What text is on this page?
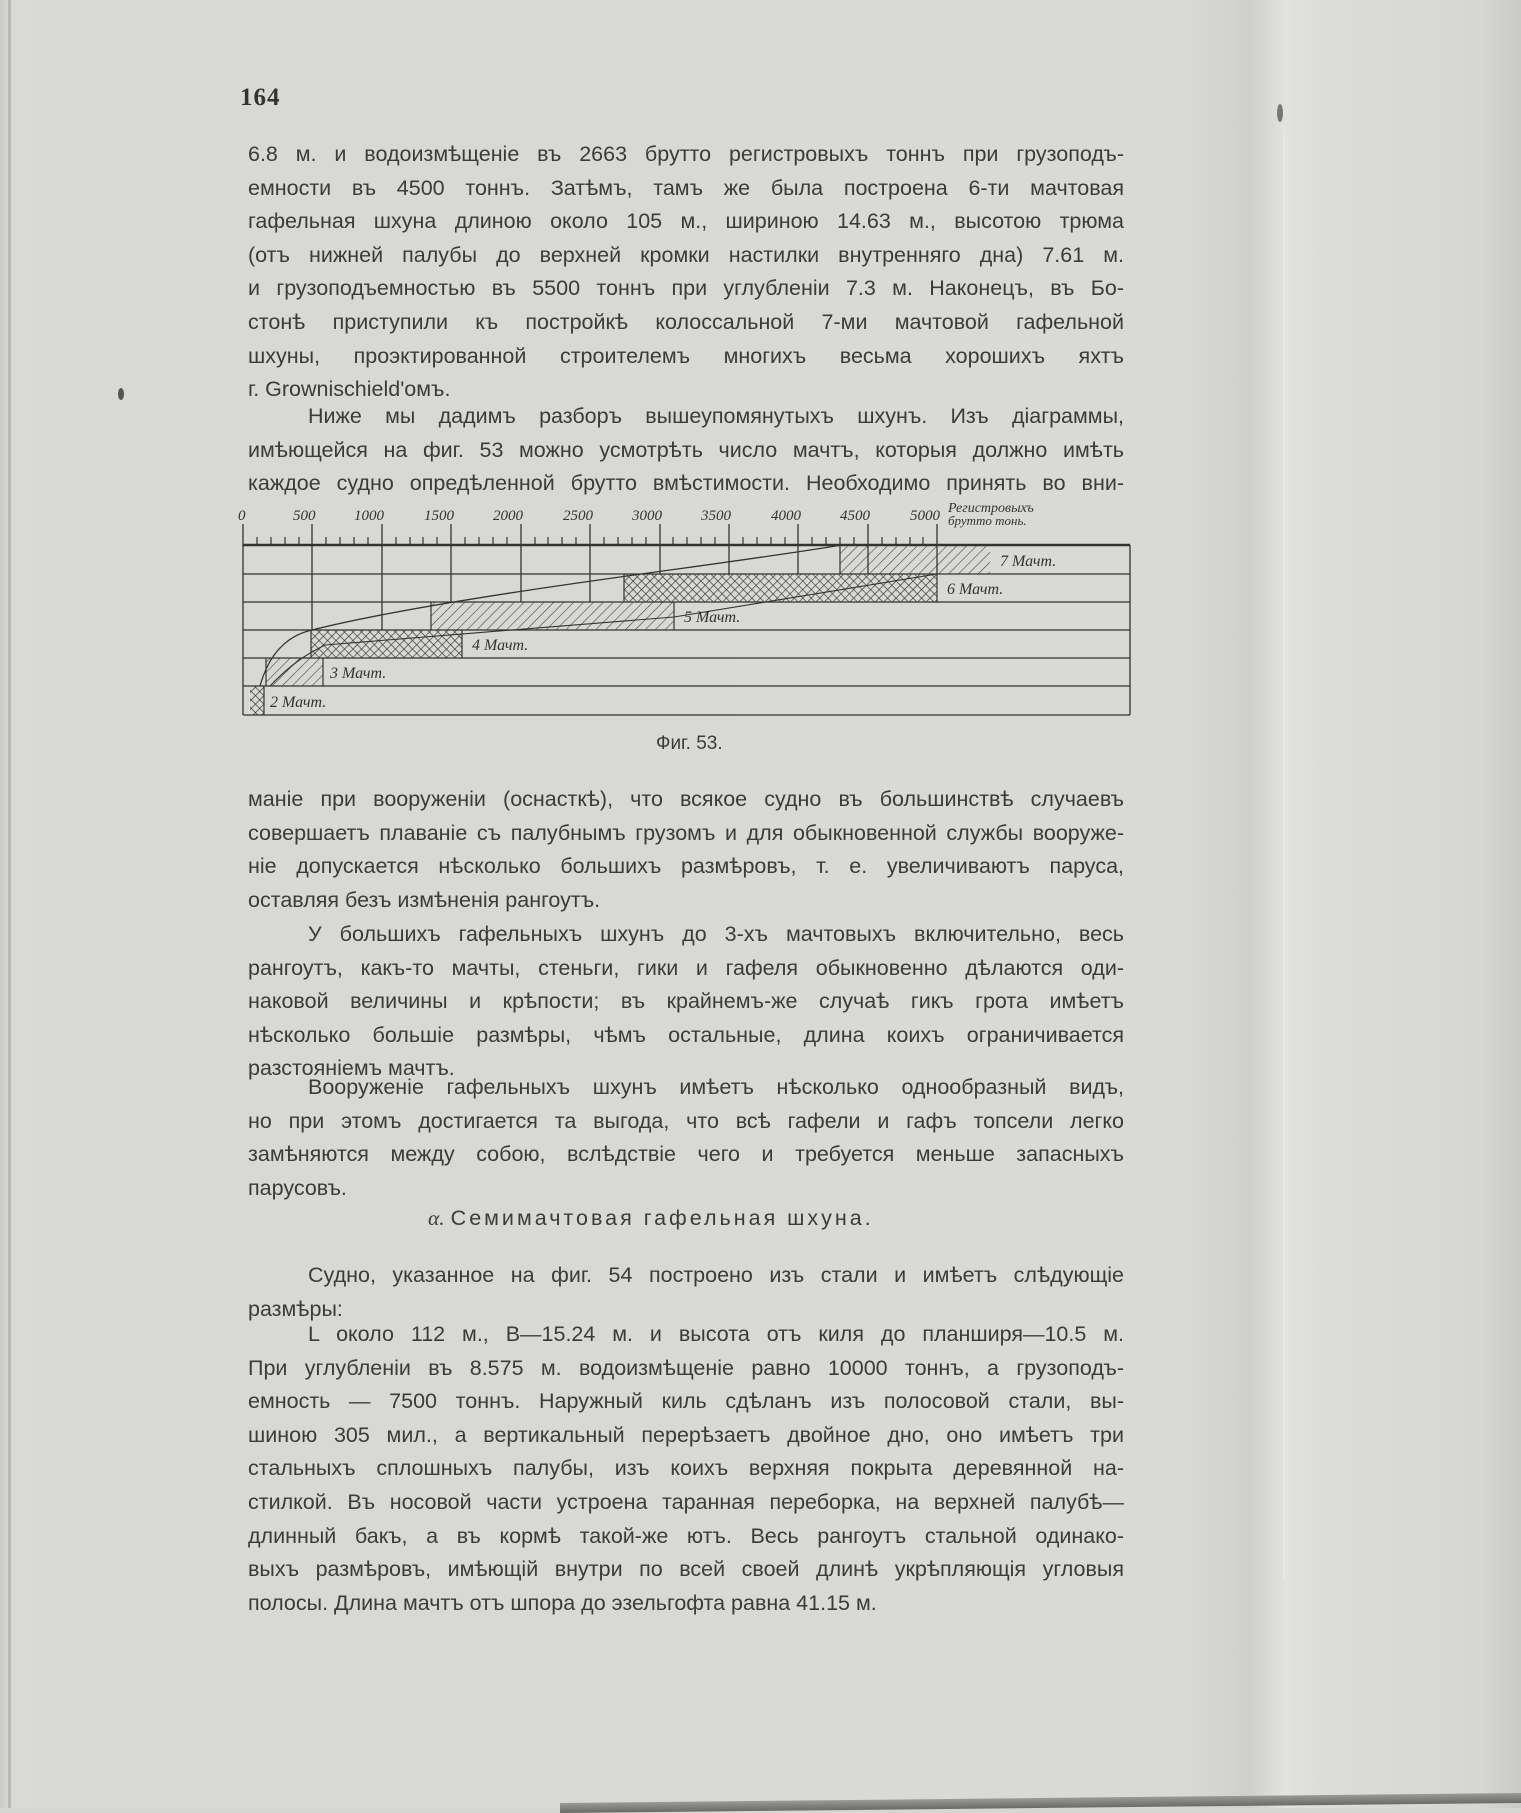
164
6.8 м. и водоизмѣщеніе въ 2663 брутто регистровыхъ тоннъ при грузоподъ-
емности въ 4500 тоннъ. Затѣмъ, тамъ же была построена 6-ти мачтовая
гафельная шхуна длиною около 105 м., шириною 14.63 м., высотою трюма
(отъ нижней палубы до верхней кромки настилки внутренняго дна) 7.61 м.
и грузоподъемностью въ 5500 тоннъ при углубленіи 7.3 м. Наконецъ, въ Бо-
стонѣ приступили къ постройкѣ колоссальной 7-ми мачтовой гафельной
шхуны, проэктированной строителемъ многихъ весьма хорошихъ яхтъ
г. Grownischield'омъ.
Ниже мы дадимъ разборъ вышеупомянутыхъ шхунъ. Изъ діаграммы,
имѣющейся на фиг. 53 можно усмотрѣть число мачтъ, которыя должно имѣть
каждое судно опредѣленной брутто вмѣстимости. Необходимо принять во вни-
0	500	1000	1500	2000	2500	3000	3500	4000	4500	5000 Регистровыхъ
брутто тонь.
7 Мачт.
6 Мачт.
5 Мачт.
4 Мачт.
3 Мачт.
2 Мачт.
Фиг. 53.
маніе при вооруженіи (оснасткѣ), что всякое судно въ большинствѣ случаевъ
совершаетъ плаваніе съ палубнымъ грузомъ и для обыкновенной службы вооруже-
ніе допускается нѣсколько большихъ размѣровъ, т. е. увеличиваютъ паруса,
оставляя безъ измѣненія рангоутъ.
У большихъ гафельныхъ шхунъ до 3-хъ мачтовыхъ включительно, весь
рангоутъ, какъ-то мачты, стеньги, гики и гафеля обыкновенно дѣлаются оди-
наковой величины и крѣпости; въ крайнемъ-же случаѣ гикъ грота имѣетъ
нѣсколько большіе размѣры, чѣмъ остальные, длина коихъ ограничивается
разстояніемъ мачтъ.
Вооруженіе гафельныхъ шхунъ имѣетъ нѣсколько однообразный видъ,
но при этомъ достигается та выгода, что всѣ гафели и гафъ топсели легко
замѣняются между собою, вслѣдствіе чего и требуется меньше запасныхъ
парусовъ.
α. Семимачтовая гафельная шхуна.
Судно, указанное на фиг. 54 построено изъ стали и имѣетъ слѣдующіе
размѣры:
L около 112 м., B—15.24 м. и высота отъ киля до планширя—10.5 м.
При углубленіи въ 8.575 м. водоизмѣщеніе равно 10000 тоннъ, а грузоподъ-
емность — 7500 тоннъ. Наружный киль сдѣланъ изъ полосовой стали, вы-
шиною 305 мил., а вертикальный перерѣзаетъ двойное дно, оно имѣетъ три
стальныхъ сплошныхъ палубы, изъ коихъ верхняя покрыта деревянной на-
стилкой. Въ носовой части устроена таранная переборка, на верхней палубѣ—
длинный бакъ, а въ кормѣ такой-же ютъ. Весь рангоутъ стальной одинако-
выхъ размѣровъ, имѣющій внутри по всей своей длинѣ укрѣпляющія угловыя
полосы. Длина мачтъ отъ шпора до эзельгофта равна 41.15 м.
